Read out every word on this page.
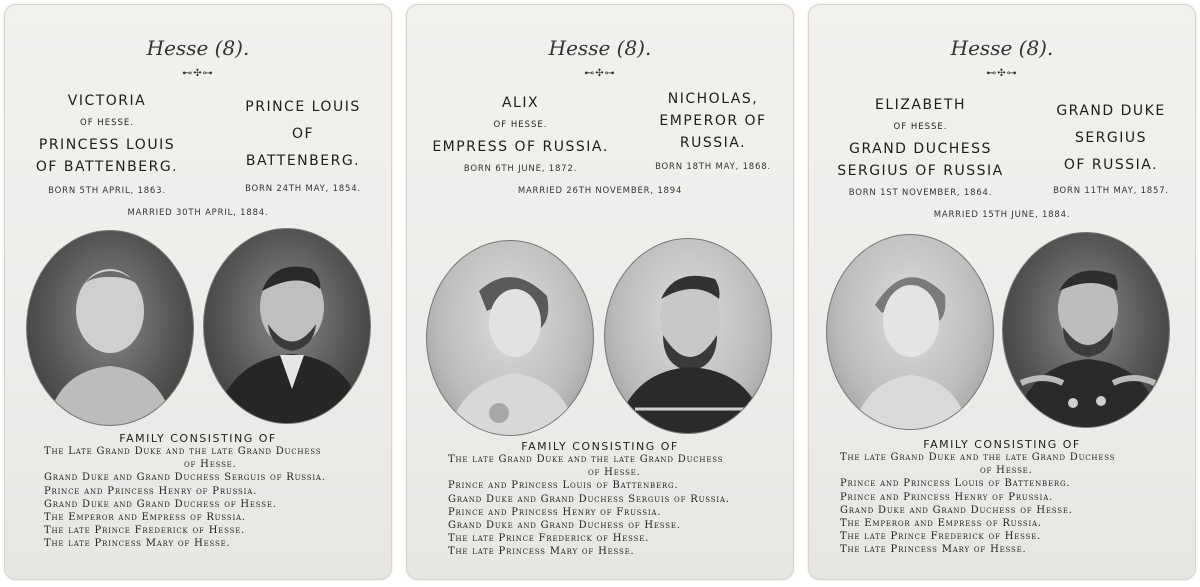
Hesse (8).
⊷✣⊶
VICTORIA
OF HESSE.
PRINCESS LOUIS
OF BATTENBERG.
BORN 5TH APRIL, 1863.
PRINCE LOUIS
OF
BATTENBERG.
BORN 24TH MAY, 1854.
MARRIED 30TH APRIL, 1884.
FAMILY CONSISTING OF
The Late Grand Duke and the late Grand Duchess
of Hesse.
Grand Duke and Grand Duchess Serguis of Russia.
Prince and Princess Henry of Prussia.
Grand Duke and Grand Duchess of Hesse.
The Emperor and Empress of Russia.
The late Prince Frederick of Hesse.
The late Princess Mary of Hesse.
Hesse (8).
⊷✣⊶
ALIX
OF HESSE.
EMPRESS OF RUSSIA.
BORN 6TH JUNE, 1872.
NICHOLAS,
EMPEROR OF
RUSSIA.
BORN 18TH MAY, 1868.
MARRIED 26TH NOVEMBER, 1894
FAMILY CONSISTING OF
The late Grand Duke and the late Grand Duchess
of Hesse.
Prince and Princess Louis of Battenberg.
Grand Duke and Grand Duchess Serguis of Russia.
Prince and Princess Henry of Frussia.
Grand Duke and Grand Duchess of Hesse.
The late Prince Frederick of Hesse.
The late Princess Mary of Hesse.
Hesse (8).
⊷✣⊶
ELIZABETH
OF HESSE.
GRAND DUCHESS
SERGIUS OF RUSSIA
BORN 1ST NOVEMBER, 1864.
GRAND DUKE
SERGIUS
OF RUSSIA.
BORN 11TH MAY, 1857.
MARRIED 15TH JUNE, 1884.
FAMILY CONSISTING OF
The late Grand Duke and the late Grand Duchess
of Hesse.
Prince and Princess Louis of Battenberg.
Prince and Princess Henry of Prussia.
Grand Duke and Grand Duchess of Hesse.
The Emperor and Empress of Russia.
The late Prince Frederick of Hesse.
The late Princess Mary of Hesse.
